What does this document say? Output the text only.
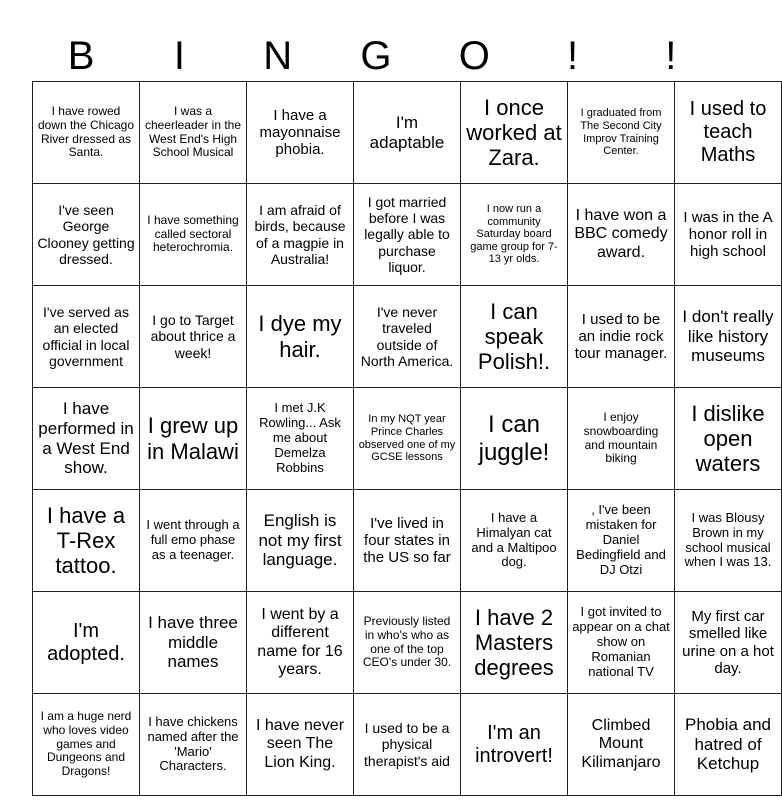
B	I	N	G	O	!	!
I have rowed down the Chicago River dressed as Santa.	I was a cheerleader in the West End's High School Musical	I have a mayonnaise phobia.	I'm adaptable	I once worked at Zara.	I graduated from The Second City Improv Training Center.	I used to teach Maths
I've seen George Clooney getting dressed.	I have something called sectoral heterochromia.	I am afraid of birds, because of a magpie in Australia!	I got married before I was legally able to purchase liquor.	I now run a community Saturday board game group for 7-13 yr olds.	I have won a BBC comedy award.	I was in the A honor roll in high school
I've served as an elected official in local government	I go to Target about thrice a week!	I dye my hair.	I've never traveled outside of North America.	I can speak Polish!.	I used to be an indie rock tour manager.	I don't really like history museums
I have performed in a West End show.	I grew up in Malawi	I met J.K Rowling... Ask me about Demelza Robbins	In my NQT year Prince Charles observed one of my GCSE lessons	I can juggle!	I enjoy snowboarding and mountain biking	I dislike open waters
I have a T-Rex tattoo.	I went through a full emo phase as a teenager.	English is not my first language.	I've lived in four states in the US so far	I have a Himalyan cat and a Maltipoo dog.	, I've been mistaken for Daniel Bedingfield and DJ Otzi	I was Blousy Brown in my school musical when I was 13.
I'm adopted.	I have three middle names	I went by a different name for 16 years.	Previously listed in who's who as one of the top CEO's under 30.	I have 2 Masters degrees	I got invited to appear on a chat show on Romanian national TV	My first car smelled like urine on a hot day.
I am a huge nerd who loves video games and Dungeons and Dragons!	I have chickens named after the 'Mario' Characters.	I have never seen The Lion King.	I used to be a physical therapist's aid	I'm an introvert!	Climbed Mount Kilimanjaro	Phobia and hatred of Ketchup
